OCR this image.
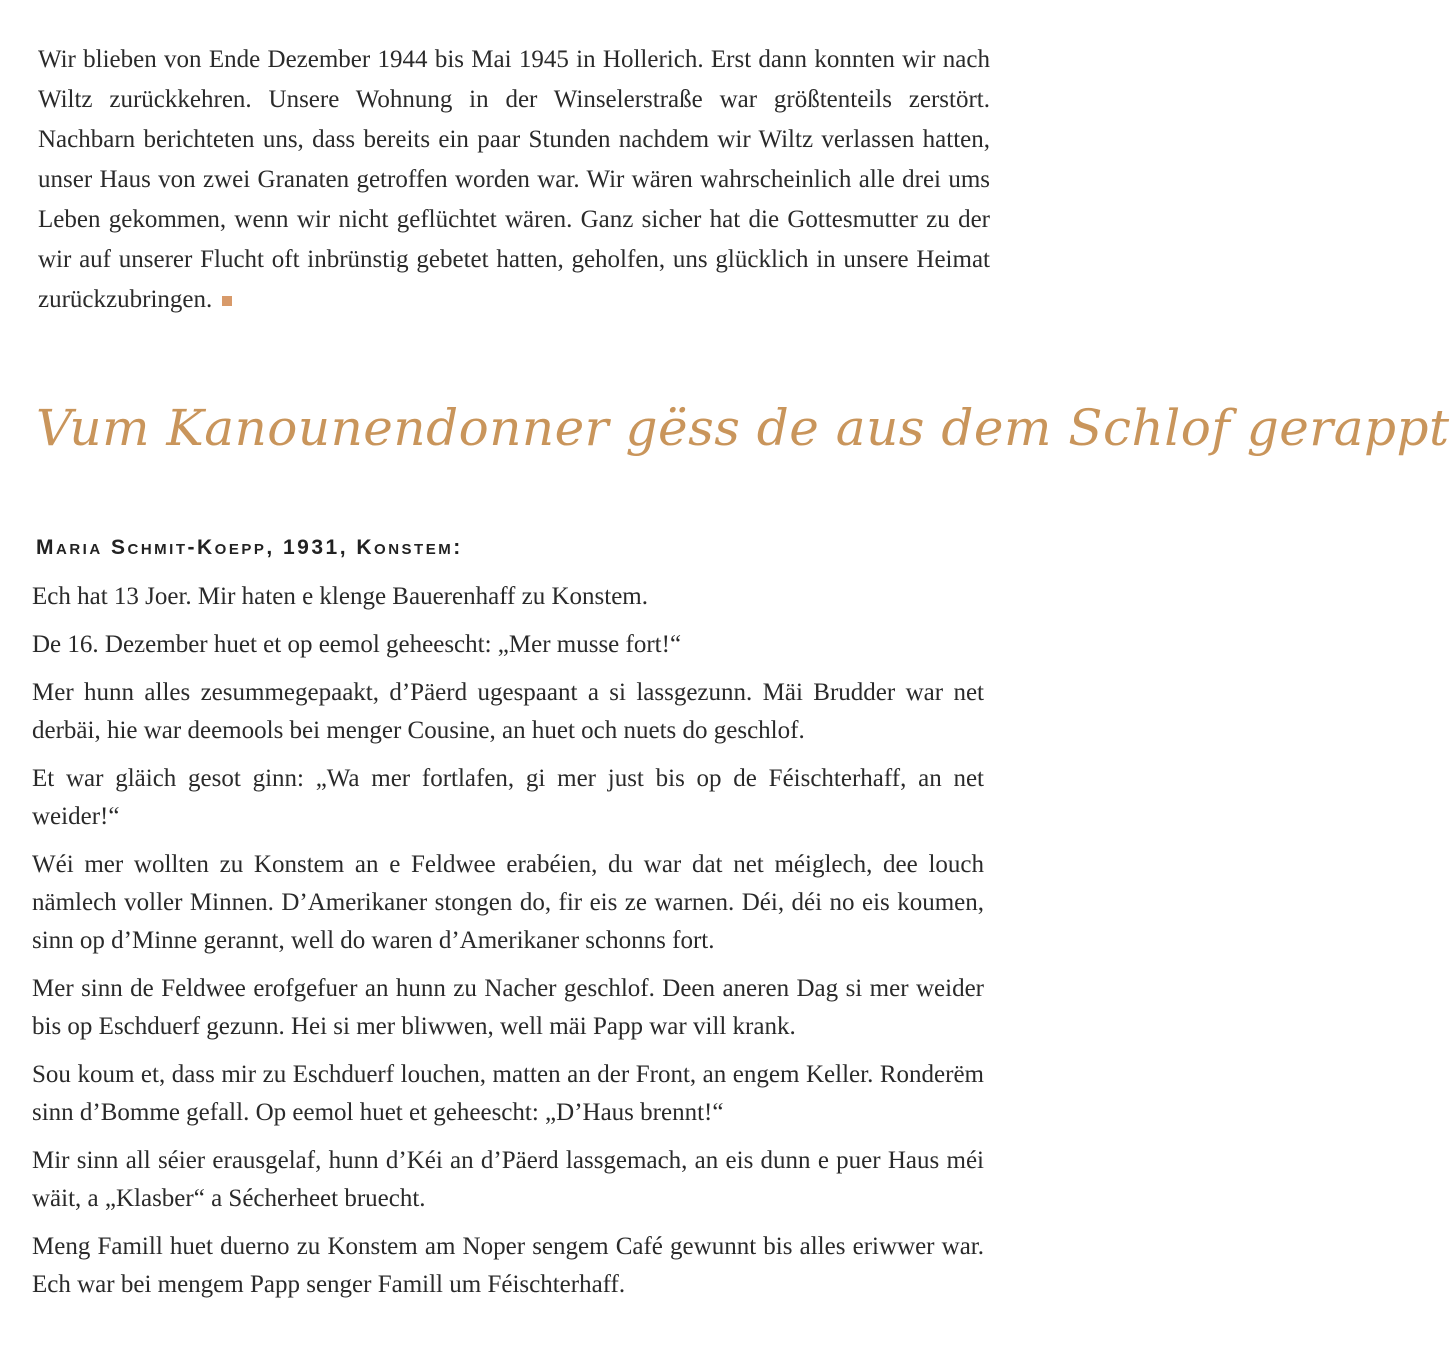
Wir blieben von Ende Dezember 1944 bis Mai 1945 in Hollerich. Erst dann konnten wir nach Wiltz zurückkehren. Unsere Wohnung in der Winselerstraße war größtenteils zerstört. Nachbarn berichteten uns, dass bereits ein paar Stunden nachdem wir Wiltz verlassen hatten, unser Haus von zwei Granaten getroffen worden war. Wir wären wahrscheinlich alle drei ums Leben gekommen, wenn wir nicht geflüchtet wären. Ganz sicher hat die Gottesmutter zu der wir auf unserer Flucht oft inbrünstig gebetet hatten, geholfen, uns glücklich in unsere Heimat zurückzubringen.

Vum Kanounendonner gëss de aus dem Schlof gerappt
Maria Schmit-Koepp, 1931, Konstem:

Ech hat 13 Joer. Mir haten e klenge Bauerenhaff zu Konstem.

De 16. Dezember huet et op eemol geheescht: „Mer musse fort!“

Mer hunn alles zesummegepaakt, d’Päerd ugespaant a si lassgezunn. Mäi Brudder war net derbäi, hie war deemools bei menger Cousine, an huet och nuets do geschlof.

Et war gläich gesot ginn: „Wa mer fortlafen, gi mer just bis op de Féischterhaff, an net weider!“

Wéi mer wollten zu Konstem an e Feldwee erabéien, du war dat net méiglech, dee louch nämlech voller Minnen. D’Amerikaner stongen do, fir eis ze warnen. Déi, déi no eis koumen, sinn op d’Minne gerannt, well do waren d’Amerikaner schonns fort.

Mer sinn de Feldwee erofgefuer an hunn zu Nacher geschlof. Deen aneren Dag si mer weider bis op Eschduerf gezunn. Hei si mer bliwwen, well mäi Papp war vill krank.

Sou koum et, dass mir zu Eschduerf louchen, matten an der Front, an engem Keller. Ronderëm sinn d’Bomme gefall. Op eemol huet et geheescht: „D’Haus brennt!“

Mir sinn all séier erausgelaf, hunn d’Kéi an d’Päerd lassgemach, an eis dunn e puer Haus méi wäit, a „Klasber“ a Sécherheet bruecht.

Meng Famill huet duerno zu Konstem am Noper sengem Café gewunnt bis alles eriwwer war. Ech war bei mengem Papp senger Famill um Féischterhaff.
